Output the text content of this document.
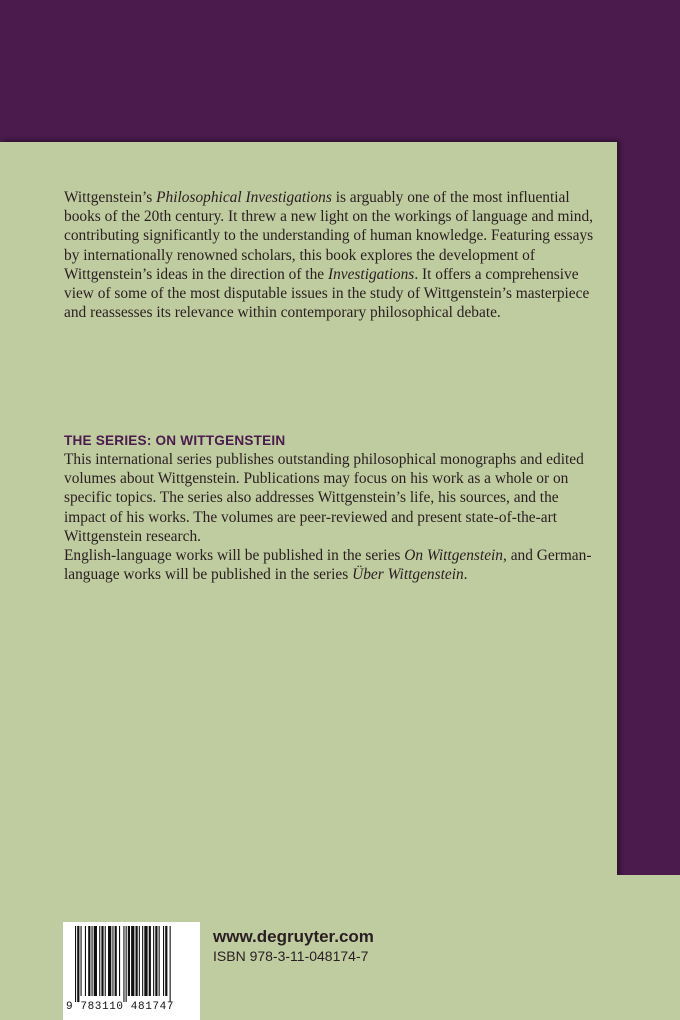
Wittgenstein’s Philosophical Investigations is arguably one of the most influential books of the 20th century. It threw a new light on the workings of language and mind, contributing significantly to the understanding of human knowledge. Featuring essays by internationally renowned scholars, this book explores the development of Wittgenstein’s ideas in the direction of the Investigations. It offers a comprehensive view of some of the most disputable issues in the study of Wittgenstein’s masterpiece and reassesses its relevance within contemporary philosophical debate.

THE SERIES: ON WITTGENSTEIN

This international series publishes outstanding philosophical monographs and edited volumes about Wittgenstein. Publications may focus on his work as a whole or on specific topics. The series also addresses Wittgenstein’s life, his sources, and the impact of his works. The volumes are peer-reviewed and present state-of-the-art Wittgenstein research.

English-language works will be published in the series On Wittgenstein, and German-language works will be published in the series Über Wittgenstein.

9 783110 481747
www.degruyter.com
ISBN 978-3-11-048174-7
